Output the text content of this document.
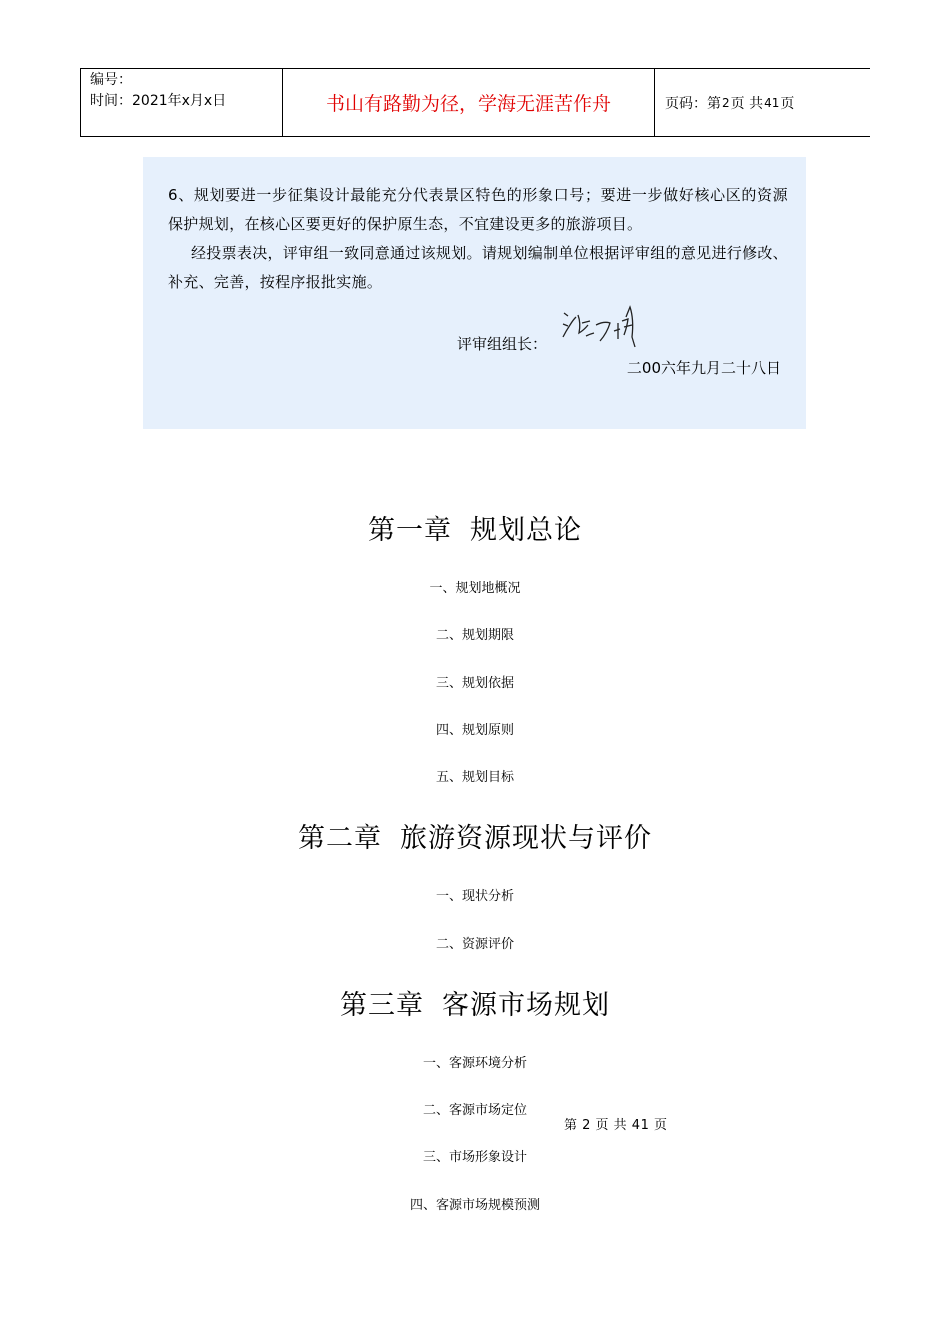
编号：
时间：2021年x月x日	书山有路勤为径，学海无涯苦作舟	页码：第 2 页 共 41 页

6、规划要进一步征集设计最能充分代表景区特色的形象口号；要进一步做好核心区的资源保护规划，在核心区要更好的保护原生态，不宜建设更多的旅游项目。

经投票表决，评审组一致同意通过该规划。请规划编制单位根据评审组的意见进行修改、补充、完善，按程序报批实施。

评审组组长：
二00六年九月二十八日
第一章 规划总论
一、规划地概况
二、规划期限
三、规划依据
四、规划原则
五、规划目标
第二章 旅游资源现状与评价
一、现状分析
二、资源评价
第三章 客源市场规划
一、客源环境分析
二、客源市场定位
三、市场形象设计
四、客源市场规模预测
第 2 页 共 41 页
